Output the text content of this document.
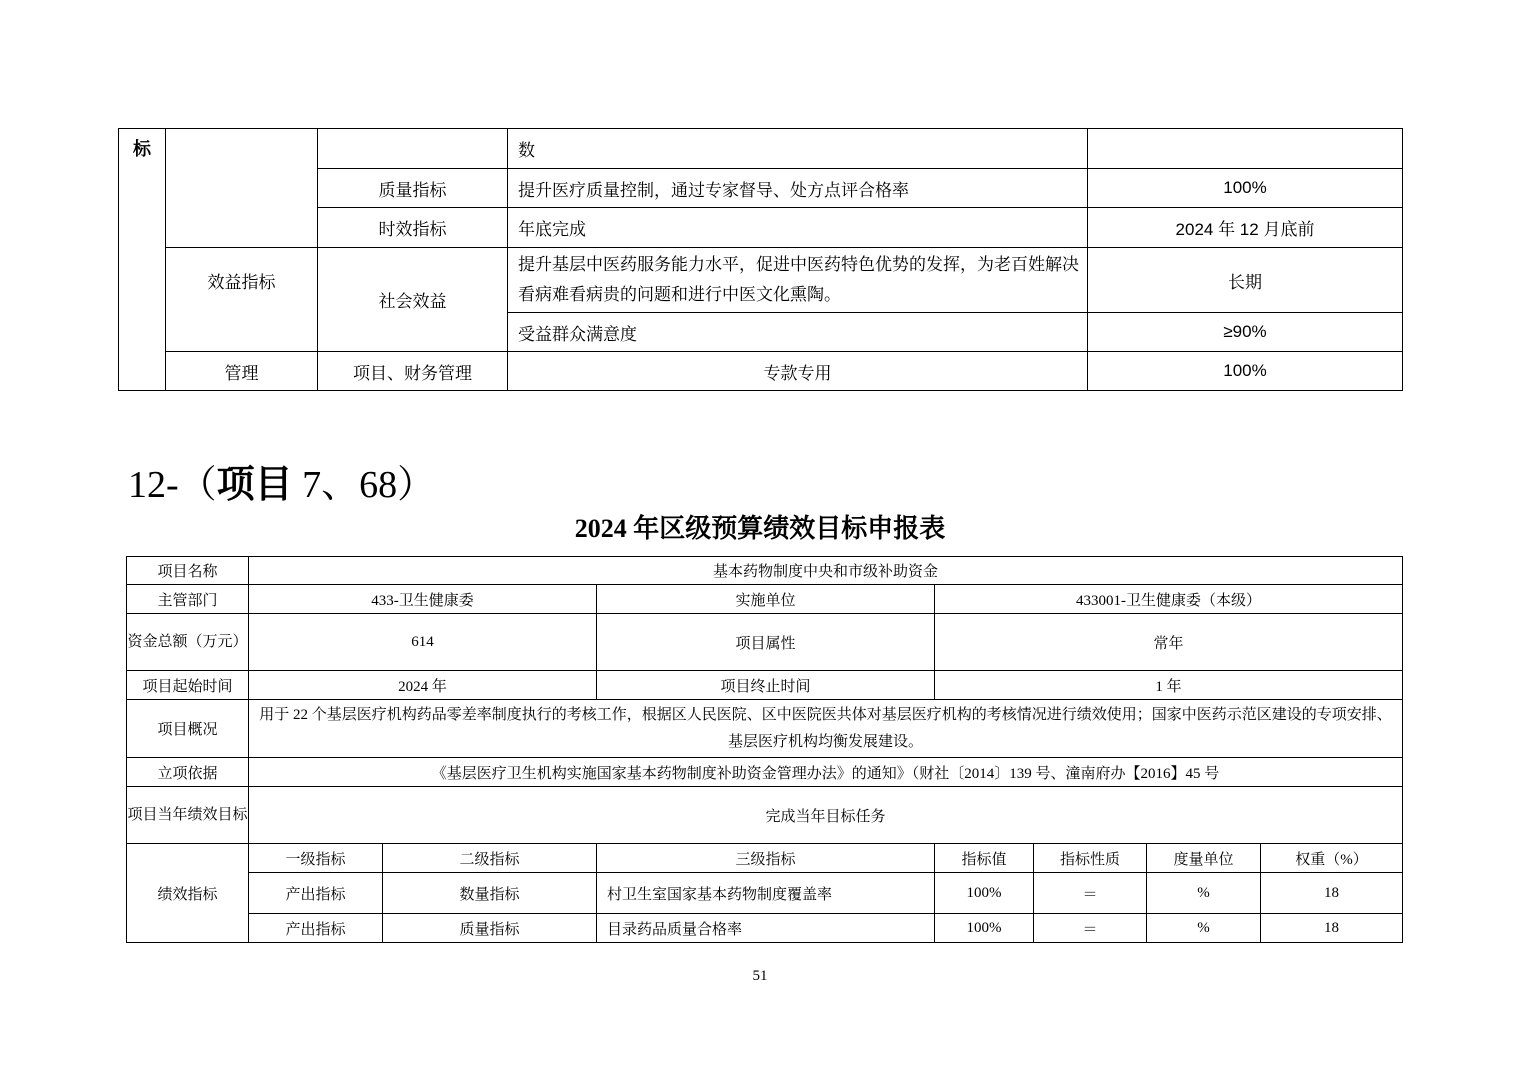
标			数	
		质量指标	提升医疗质量控制，通过专家督导、处方点评合格率	100%
		时效指标	年底完成	2024 年 12 月底前
	效益指标	社会效益	提升基层中医药服务能力水平，促进中医药特色优势的发挥，为老百姓解决看病难看病贵的问题和进行中医文化熏陶。	长期
			受益群众满意度	≥90%
	管理	项目、财务管理	专款专用	100%
12-（项目 7、68）
2024 年区级预算绩效目标申报表
项目名称	基本药物制度中央和市级补助资金						
主管部门	433-卫生健康委		实施单位	433001-卫生健康委（本级）			
资金总额（万元）	614		项目属性	常年			
项目起始时间	2024 年		项目终止时间	1 年			
项目概况	用于 22 个基层医疗机构药品零差率制度执行的考核工作，根据区人民医院、区中医院医共体对基层医疗机构的考核情况进行绩效使用；国家中医药示范区建设的专项安排、基层医疗机构均衡发展建设。						
立项依据	《基层医疗卫生机构实施国家基本药物制度补助资金管理办法》的通知》（财社〔2014〕139 号、潼南府办【2016】45 号						
项目当年绩效目标	完成当年目标任务						
绩效指标	一级指标	二级指标	三级指标	指标值	指标性质	度量单位	权重（%）
	产出指标	数量指标	村卫生室国家基本药物制度覆盖率	100%	＝	%	18
	产出指标	质量指标	目录药品质量合格率	100%	＝	%	18
51
